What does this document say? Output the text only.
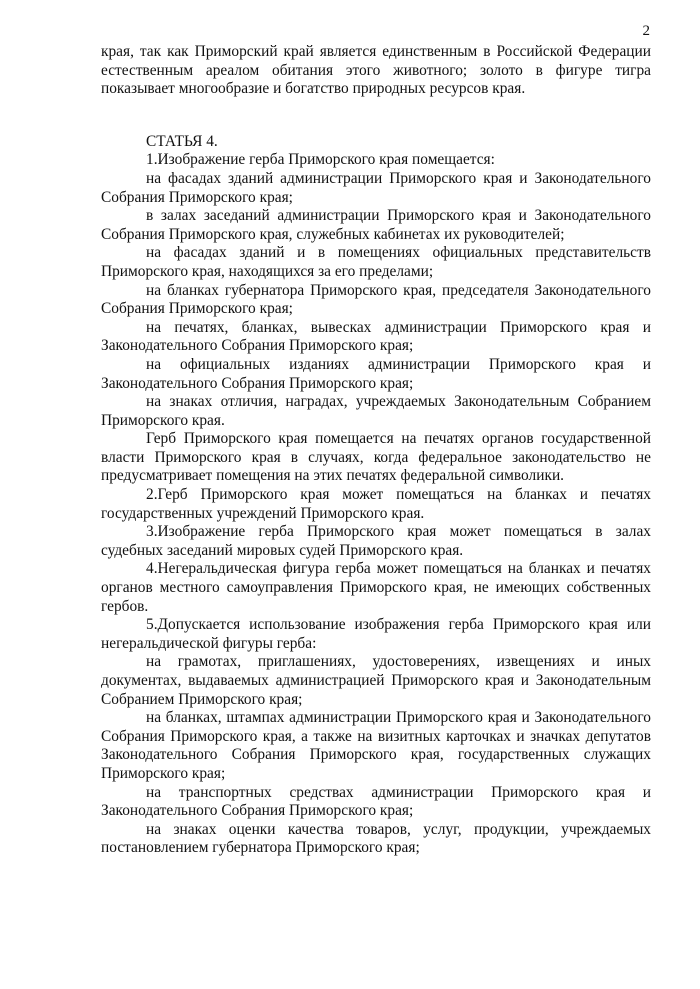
2

края, так как Приморский край является единственным в Российской Федерации естественным ареалом обитания этого животного; золото в фигуре тигра показывает многообразие и богатство природных ресурсов края.

СТАТЬЯ 4.

1.Изображение герба Приморского края помещается:

на фасадах зданий администрации Приморского края и Законодательного Собрания Приморского края;

в залах заседаний администрации Приморского края и Законодательного Собрания Приморского края, служебных кабинетах их руководителей;

на фасадах зданий и в помещениях официальных представительств Приморского края, находящихся за его пределами;

на бланках губернатора Приморского края, председателя Законодательного Собрания Приморского края;

на печатях, бланках, вывесках администрации Приморского края и Законодательного Собрания Приморского края;

на официальных изданиях администрации Приморского края и Законодательного Собрания Приморского края;

на знаках отличия, наградах, учреждаемых Законодательным Собранием Приморского края.

Герб Приморского края помещается на печатях органов государственной власти Приморского края в случаях, когда федеральное законодательство не предусматривает помещения на этих печатях федеральной символики.

2.Герб Приморского края может помещаться на бланках и печатях государственных учреждений Приморского края.

3.Изображение герба Приморского края может помещаться в залах судебных заседаний мировых судей Приморского края.

4.Негеральдическая фигура герба может помещаться на бланках и печатях органов местного самоуправления Приморского края, не имеющих собственных гербов.

5.Допускается использование изображения герба Приморского края или негеральдической фигуры герба:

на грамотах, приглашениях, удостоверениях, извещениях и иных документах, выдаваемых администрацией Приморского края и Законодательным Собранием Приморского края;

на бланках, штампах администрации Приморского края и Законодательного Собрания Приморского края, а также на визитных карточках и значках депутатов Законодательного Собрания Приморского края, государственных служащих Приморского края;

на транспортных средствах администрации Приморского края и Законодательного Собрания Приморского края;

на знаках оценки качества товаров, услуг, продукции, учреждаемых постановлением губернатора Приморского края;
